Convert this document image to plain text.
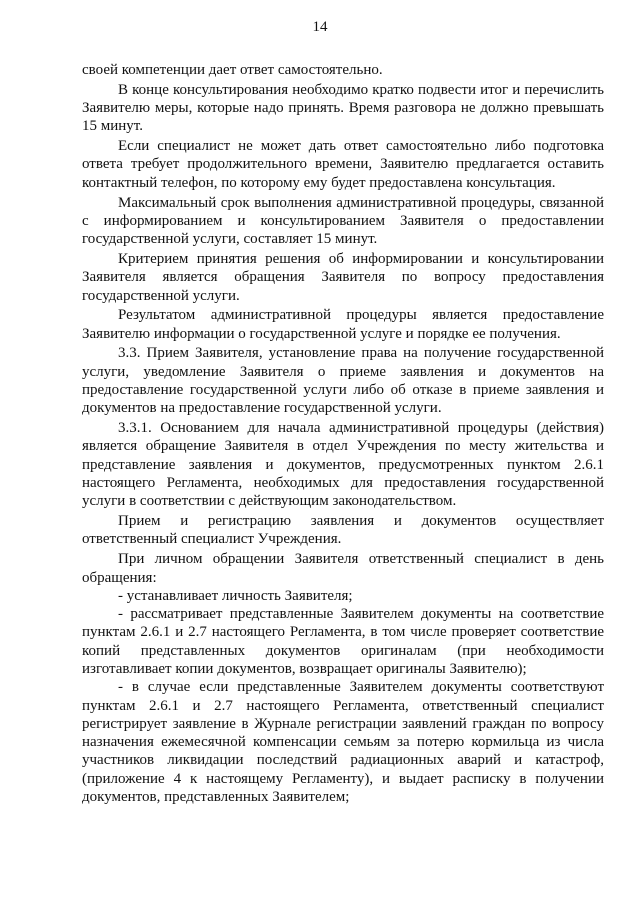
14

своей компетенции дает ответ самостоятельно.

В конце консультирования необходимо кратко подвести итог и перечислить Заявителю меры, которые надо принять. Время разговора не должно превышать 15 минут.

Если специалист не может дать ответ самостоятельно либо подготовка ответа требует продолжительного времени, Заявителю предлагается оставить контактный телефон, по которому ему будет предоставлена консультация.

Максимальный срок выполнения административной процедуры, связанной с информированием и консультированием Заявителя о предоставлении государственной услуги, составляет 15 минут.

Критерием принятия решения об информировании и консультировании Заявителя является обращения Заявителя по вопросу предоставления государственной услуги.

Результатом административной процедуры является предоставление Заявителю информации о государственной услуге и порядке ее получения.

3.3. Прием Заявителя, установление права на получение государственной услуги, уведомление Заявителя о приеме заявления и документов на предоставление государственной услуги либо об отказе в приеме заявления и документов на предоставление государственной услуги.

3.3.1. Основанием для начала административной процедуры (действия) является обращение Заявителя в отдел Учреждения по месту жительства и представление заявления и документов, предусмотренных пунктом 2.6.1 настоящего Регламента, необходимых для предоставления государственной услуги в соответствии с действующим законодательством.

Прием и регистрацию заявления и документов осуществляет ответственный специалист Учреждения.

При личном обращении Заявителя ответственный специалист в день обращения:

- устанавливает личность Заявителя;

- рассматривает представленные Заявителем документы на соответствие пунктам 2.6.1 и 2.7 настоящего Регламента, в том числе проверяет соответствие копий представленных документов оригиналам (при необходимости изготавливает копии документов, возвращает оригиналы Заявителю);

- в случае если представленные Заявителем документы соответствуют пунктам 2.6.1 и 2.7 настоящего Регламента, ответственный специалист регистрирует заявление в Журнале регистрации заявлений граждан по вопросу назначения ежемесячной компенсации семьям за потерю кормильца из числа участников ликвидации последствий радиационных аварий и катастроф, (приложение 4 к настоящему Регламенту), и выдает расписку в получении документов, представленных Заявителем;
